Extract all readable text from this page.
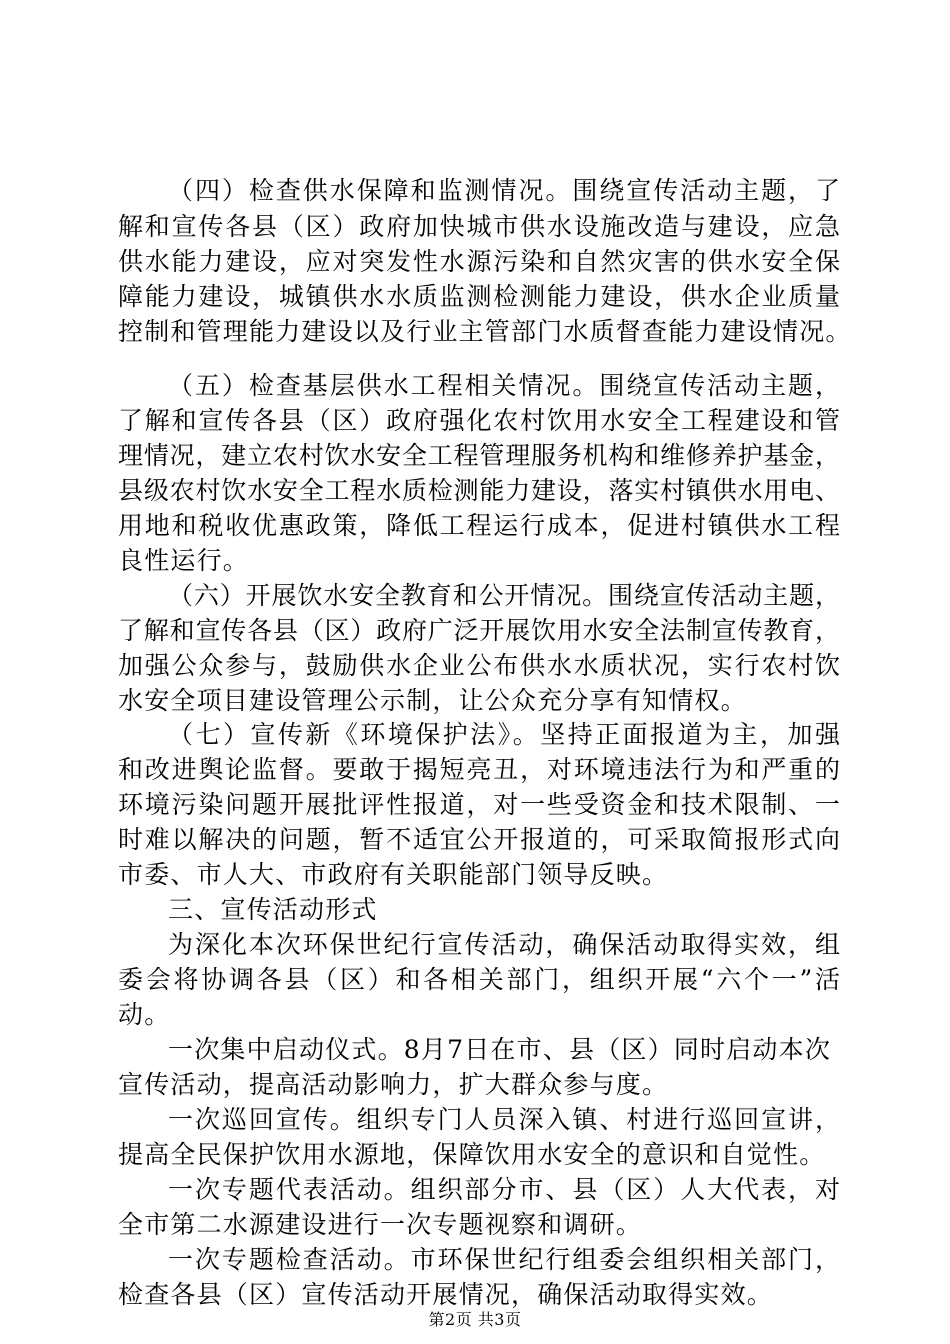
（四）检查供水保障和监测情况。围绕宣传活动主题，了
解和宣传各县（区）政府加快城市供水设施改造与建设，应急
供水能力建设，应对突发性水源污染和自然灾害的供水安全保
障能力建设，城镇供水水质监测检测能力建设，供水企业质量
控制和管理能力建设以及行业主管部门水质督查能力建设情况。
（五）检查基层供水工程相关情况。围绕宣传活动主题，
了解和宣传各县（区）政府强化农村饮用水安全工程建设和管
理情况，建立农村饮水安全工程管理服务机构和维修养护基金，
县级农村饮水安全工程水质检测能力建设，落实村镇供水用电、
用地和税收优惠政策，降低工程运行成本，促进村镇供水工程
良性运行。
（六）开展饮水安全教育和公开情况。围绕宣传活动主题，
了解和宣传各县（区）政府广泛开展饮用水安全法制宣传教育，
加强公众参与，鼓励供水企业公布供水水质状况，实行农村饮
水安全项目建设管理公示制，让公众充分享有知情权。
（七）宣传新《环境保护法》。坚持正面报道为主，加强
和改进舆论监督。要敢于揭短亮丑，对环境违法行为和严重的
环境污染问题开展批评性报道，对一些受资金和技术限制、一
时难以解决的问题，暂不适宜公开报道的，可采取简报形式向
市委、市人大、市政府有关职能部门领导反映。
三、宣传活动形式
为深化本次环保世纪行宣传活动，确保活动取得实效，组
委会将协调各县（区）和各相关部门，组织开展“六个一”活
动。
一次集中启动仪式。8月7日在市、县（区）同时启动本次
宣传活动，提高活动影响力，扩大群众参与度。
一次巡回宣传。组织专门人员深入镇、村进行巡回宣讲，
提高全民保护饮用水源地，保障饮用水安全的意识和自觉性。
一次专题代表活动。组织部分市、县（区）人大代表，对
全市第二水源建设进行一次专题视察和调研。
一次专题检查活动。市环保世纪行组委会组织相关部门，
检查各县（区）宣传活动开展情况，确保活动取得实效。
第2页 共3页
